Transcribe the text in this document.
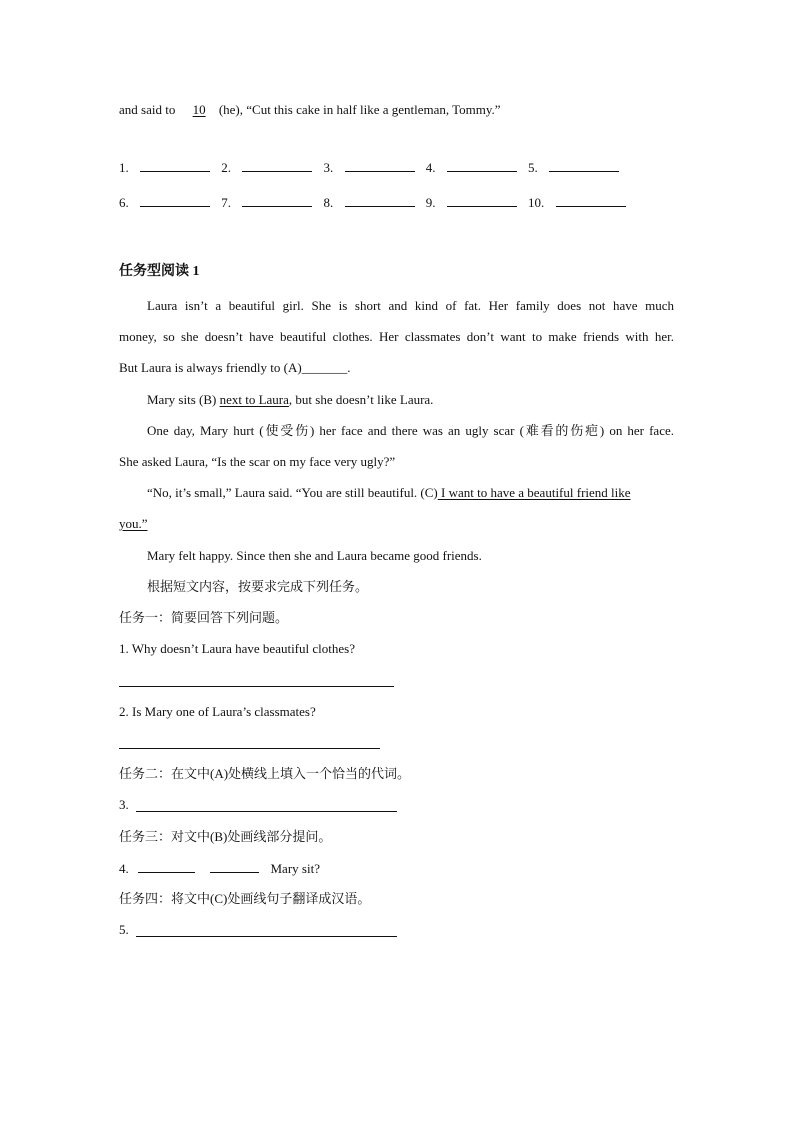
and said to 10 (he), “Cut this cake in half like a gentleman, Tommy.”
1.	2.	3.	4.	5.
6.	7.	8.	9.	10.
任务型阅读 1
Laura isn’t a beautiful girl. She is short and kind of fat. Her family does not have much
money, so she doesn’t have beautiful clothes. Her classmates don’t want to make friends with her.
But Laura is always friendly to (A)_______.
Mary sits (B) next to Laura, but she doesn’t like Laura.
One day, Mary hurt (使受伤) her face and there was an ugly scar (难看的伤疤) on her face.
She asked Laura, “Is the scar on my face very ugly?”
“No, it’s small,” Laura said. “You are still beautiful. (C) I want to have a beautiful friend like
you.”
Mary felt happy. Since then she and Laura became good friends.
根据短文内容，按要求完成下列任务。
任务一：简要回答下列问题。
1. Why doesn’t Laura have beautiful clothes?
2. Is Mary one of Laura’s classmates?
任务二：在文中(A)处横线上填入一个恰当的代词。
3.
任务三：对文中(B)处画线部分提问。
4.	Mary sit?
任务四：将文中(C)处画线句子翻译成汉语。
5.
